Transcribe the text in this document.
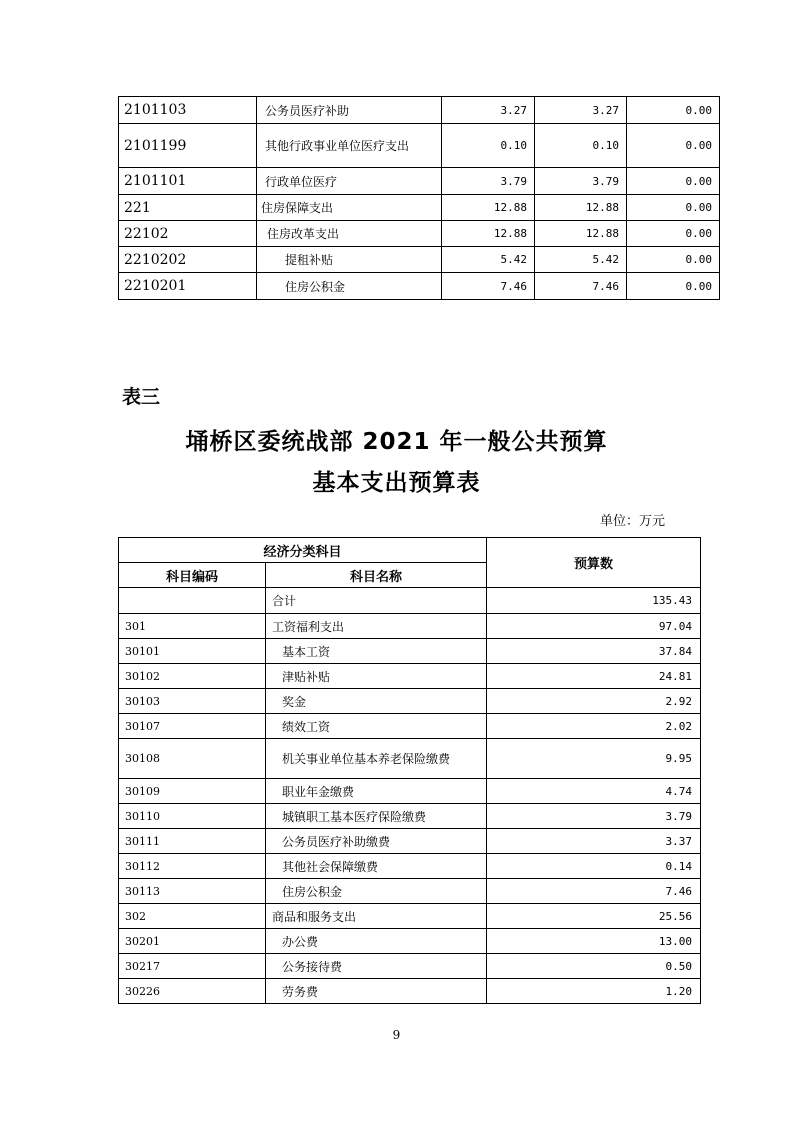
2101103	公务员医疗补助	3.27	3.27	0.00
2101199	其他行政事业单位医疗支出	0.10	0.10	0.00
2101101	行政单位医疗	3.79	3.79	0.00
221	住房保障支出	12.88	12.88	0.00
22102	住房改革支出	12.88	12.88	0.00
2210202	提租补贴	5.42	5.42	0.00
2210201	住房公积金	7.46	7.46	0.00
表三
埇桥区委统战部 2021 年一般公共预算
基本支出预算表
单位：万元
经济分类科目		预算数
科目编码	科目名称	
	合计	135.43
301	工资福利支出	97.04
30101	基本工资	37.84
30102	津贴补贴	24.81
30103	奖金	2.92
30107	绩效工资	2.02
30108	机关事业单位基本养老保险缴费	9.95
30109	职业年金缴费	4.74
30110	城镇职工基本医疗保险缴费	3.79
30111	公务员医疗补助缴费	3.37
30112	其他社会保障缴费	0.14
30113	住房公积金	7.46
302	商品和服务支出	25.56
30201	办公费	13.00
30217	公务接待费	0.50
30226	劳务费	1.20
9
